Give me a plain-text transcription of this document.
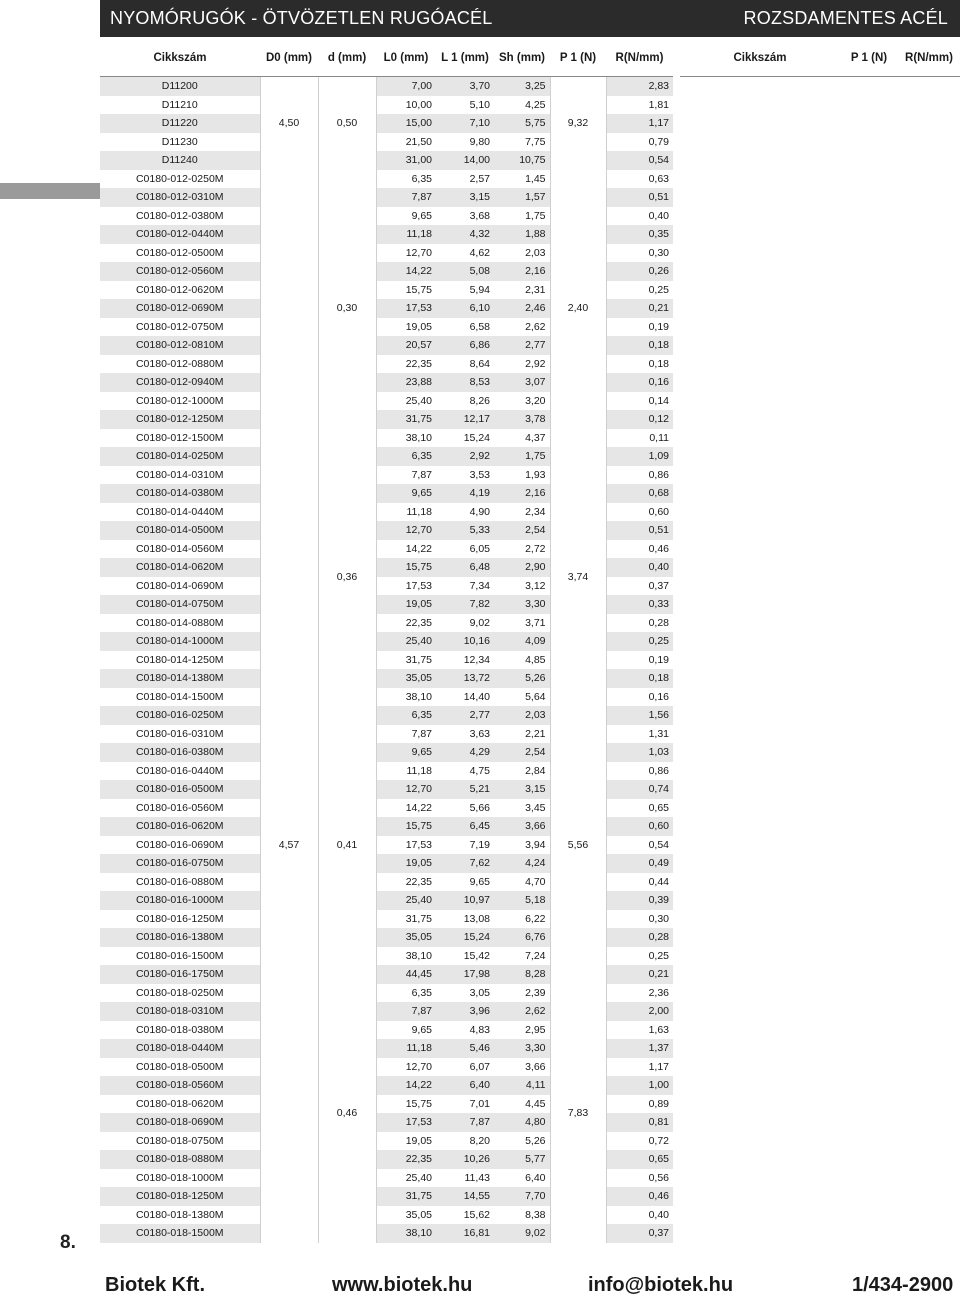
8.
NYOMÓRUGÓK - ÖTVÖZETLEN RUGÓACÉL	ROZSDAMENTES ACÉL
Cikkszám	D0 (mm)	d (mm)	L0 (mm)	L 1 (mm)	Sh (mm)	P 1 (N)	R(N/mm)
D11200	4,50	0,50	7,00	3,70	3,25	9,32	2,83
D11210			10,00	5,10	4,25		1,81
D11220			15,00	7,10	5,75		1,17
D11230			21,50	9,80	7,75		0,79
D11240			31,00	14,00	10,75		0,54
C0180-012-0250M		0,30	6,35	2,57	1,45	2,40	0,63
C0180-012-0310M			7,87	3,15	1,57		0,51
C0180-012-0380M			9,65	3,68	1,75		0,40
C0180-012-0440M			11,18	4,32	1,88		0,35
C0180-012-0500M			12,70	4,62	2,03		0,30
C0180-012-0560M			14,22	5,08	2,16		0,26
C0180-012-0620M			15,75	5,94	2,31		0,25
C0180-012-0690M			17,53	6,10	2,46		0,21
C0180-012-0750M			19,05	6,58	2,62		0,19
C0180-012-0810M			20,57	6,86	2,77		0,18
C0180-012-0880M			22,35	8,64	2,92		0,18
C0180-012-0940M			23,88	8,53	3,07		0,16
C0180-012-1000M			25,40	8,26	3,20		0,14
C0180-012-1250M			31,75	12,17	3,78		0,12
C0180-012-1500M			38,10	15,24	4,37		0,11
C0180-014-0250M		0,36	6,35	2,92	1,75	3,74	1,09
C0180-014-0310M			7,87	3,53	1,93		0,86
C0180-014-0380M			9,65	4,19	2,16		0,68
C0180-014-0440M			11,18	4,90	2,34		0,60
C0180-014-0500M			12,70	5,33	2,54		0,51
C0180-014-0560M			14,22	6,05	2,72		0,46
C0180-014-0620M			15,75	6,48	2,90		0,40
C0180-014-0690M			17,53	7,34	3,12		0,37
C0180-014-0750M			19,05	7,82	3,30		0,33
C0180-014-0880M			22,35	9,02	3,71		0,28
C0180-014-1000M			25,40	10,16	4,09		0,25
C0180-014-1250M			31,75	12,34	4,85		0,19
C0180-014-1380M			35,05	13,72	5,26		0,18
C0180-014-1500M			38,10	14,40	5,64		0,16
C0180-016-0250M	4,57	0,41	6,35	2,77	2,03	5,56	1,56
C0180-016-0310M			7,87	3,63	2,21		1,31
C0180-016-0380M			9,65	4,29	2,54		1,03
C0180-016-0440M			11,18	4,75	2,84		0,86
C0180-016-0500M			12,70	5,21	3,15		0,74
C0180-016-0560M			14,22	5,66	3,45		0,65
C0180-016-0620M			15,75	6,45	3,66		0,60
C0180-016-0690M			17,53	7,19	3,94		0,54
C0180-016-0750M			19,05	7,62	4,24		0,49
C0180-016-0880M			22,35	9,65	4,70		0,44
C0180-016-1000M			25,40	10,97	5,18		0,39
C0180-016-1250M			31,75	13,08	6,22		0,30
C0180-016-1380M			35,05	15,24	6,76		0,28
C0180-016-1500M			38,10	15,42	7,24		0,25
C0180-016-1750M			44,45	17,98	8,28		0,21
C0180-018-0250M		0,46	6,35	3,05	2,39	7,83	2,36
C0180-018-0310M			7,87	3,96	2,62		2,00
C0180-018-0380M			9,65	4,83	2,95		1,63
C0180-018-0440M			11,18	5,46	3,30		1,37
C0180-018-0500M			12,70	6,07	3,66		1,17
C0180-018-0560M			14,22	6,40	4,11		1,00
C0180-018-0620M			15,75	7,01	4,45		0,89
C0180-018-0690M			17,53	7,87	4,80		0,81
C0180-018-0750M			19,05	8,20	5,26		0,72
C0180-018-0880M			22,35	10,26	5,77		0,65
C0180-018-1000M			25,40	11,43	6,40		0,56
C0180-018-1250M			31,75	14,55	7,70		0,46
C0180-018-1380M			35,05	15,62	8,38		0,40
C0180-018-1500M			38,10	16,81	9,02		0,37
Cikkszám	P 1 (N)	R(N/mm)
Biotek Kft.	www.biotek.hu	info@biotek.hu	1/434-2900
